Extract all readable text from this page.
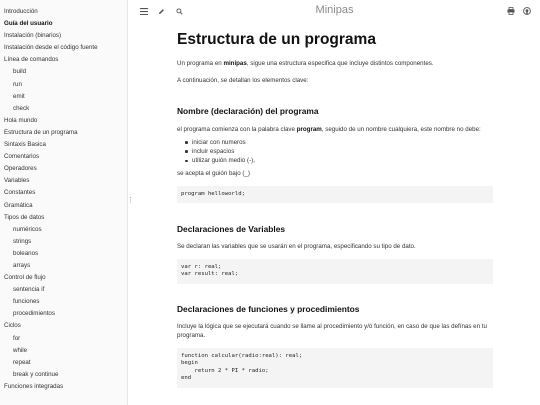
Introducción
Guía del usuario
Instalación (binarios)
Instalación desde el código fuente
Línea de comandos
build
run
emit
check
Hola mundo
Estructura de un programa
Sintaxis Basica
Comentarios
Operadores
Variables
Constantes
Gramática
Tipos de datos
numéricos
strings
boleanos
arrays
Control de flujo
sentencia if
funciones
procedimientos
Ciclos
for
while
repeat
break y continue
Funciones integradas
⋮
Minipas
Estructura de un programa

Un programa en minipas, sigue una estructura especifica que incluye distintos componentes.

A continuación, se detallan los elementos clave:

Nombre (declaración) del programa

el programa comienza con la palabra clave program, seguido de un nombre cualquiera, este nombre no debe:

iniciar con numeros
incluir espacios
utilizar guión medio (-),

se acepta el guión bajo (_)

program helloworld;
Declaraciones de Variables

Se declaran las variables que se usarán en el programa, especificando su tipo de dato.

var r: real;
var result: real;
Declaraciones de funciones y procedimientos

Incluye la lógica que se ejecutará cuando se llame al procedimiento y/ó función, en caso de que las defínas en tu programa.

function calcular(radio:real): real;
begin
return 2 * PI * radio;
end
